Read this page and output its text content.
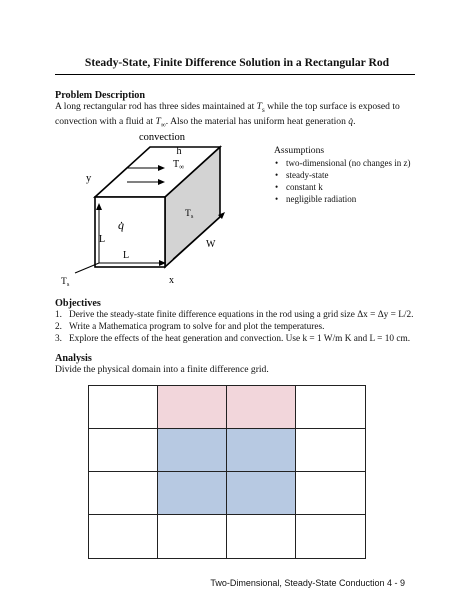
Steady-State, Finite Difference Solution in a Rectangular Rod
Problem Description
A long rectangular rod has three sides maintained at $T_s$ while the top surface is exposed to
convection with a fluid at $T_\infty$. Also the material has uniform heat generation q̇.
convection
h
$T_\infty$
y
q̇
L
L
$T_s$
W
x
$T_s$
Assumptions
• two-dimensional (no changes in z)
• steady-state
• constant k
• negligible radiation
Objectives
1. Derive the steady-state finite difference equations in the rod using a grid size Δx = Δy = L/2.
2. Write a Mathematica program to solve for and plot the temperatures.
3. Explore the effects of the heat generation and convection. Use k = 1 W/m K and L = 10 cm.
Analysis
Divide the physical domain into a finite difference grid.
Two-Dimensional, Steady-State Conduction 4 - 9
